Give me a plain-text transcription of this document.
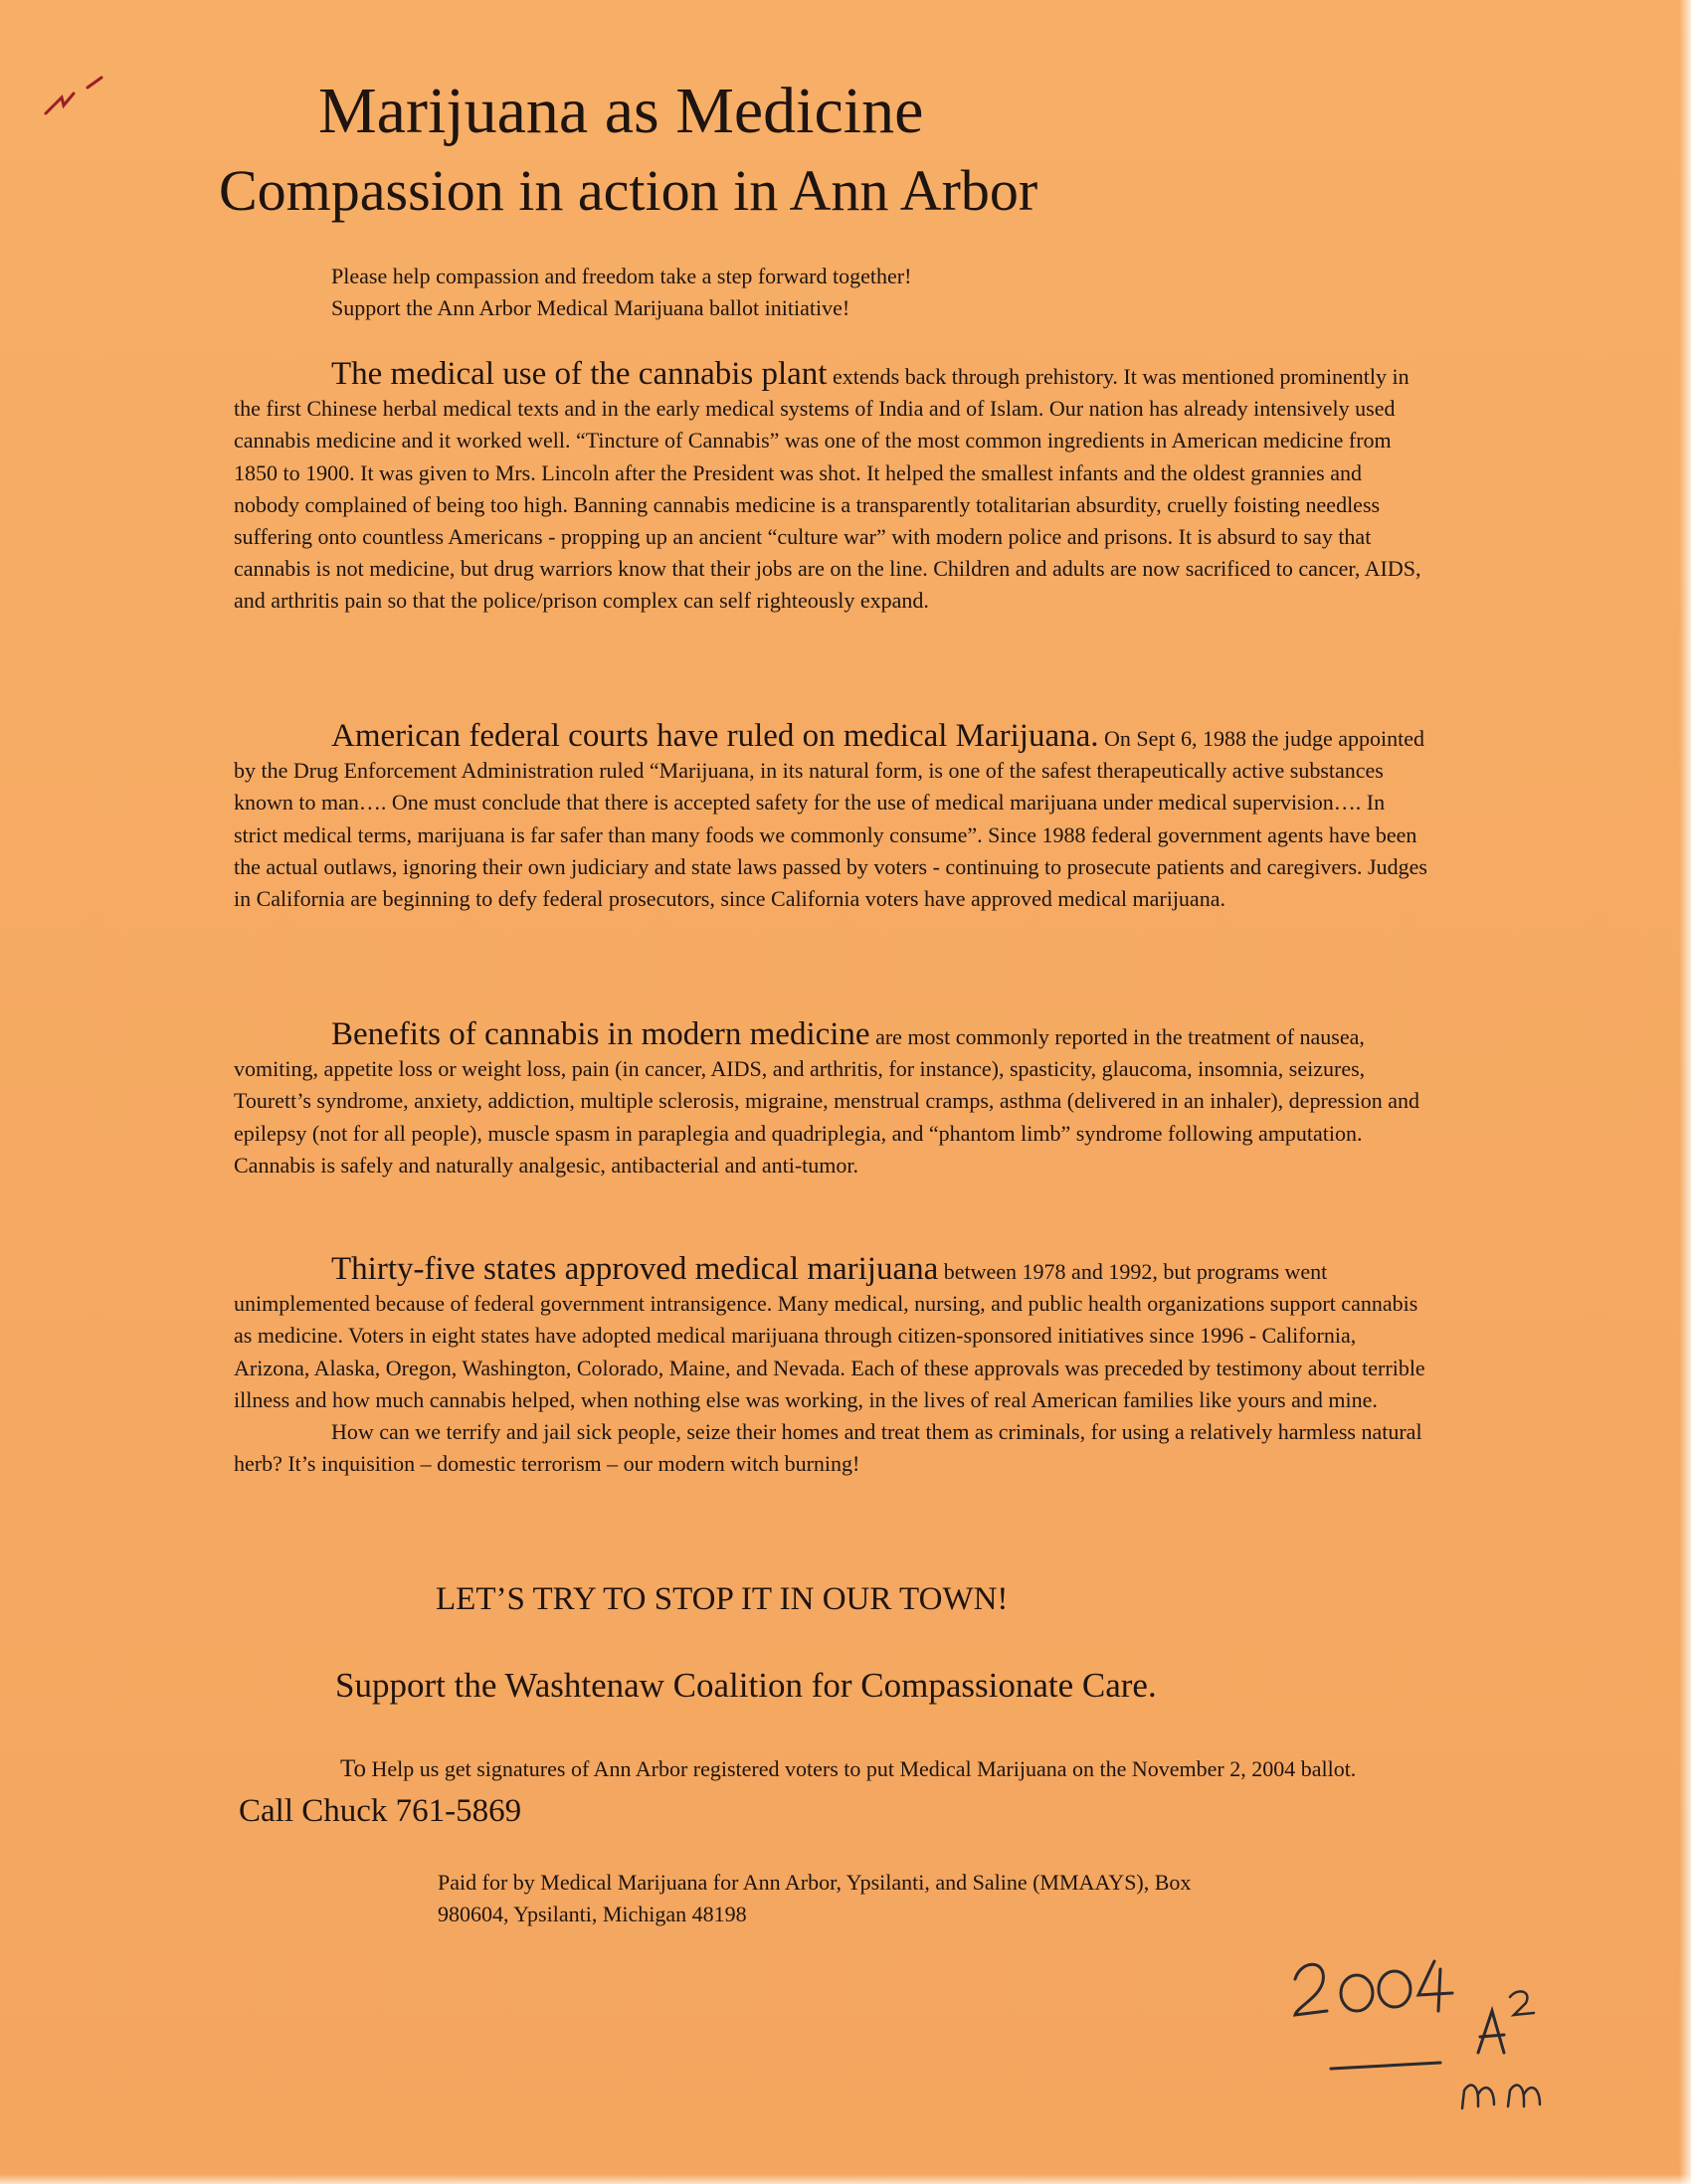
Marijuana as Medicine
Compassion in action in Ann Arbor

Please help compassion and freedom take a step forward together!

Support the Ann Arbor Medical Marijuana ballot initiative!

The medical use of the cannabis plant extends back through prehistory. It was mentioned prominently in the first Chinese herbal medical texts and in the early medical systems of India and of Islam. Our nation has already intensively used cannabis medicine and it worked well. “Tincture of Cannabis” was one of the most common ingredients in American medicine from 1850 to 1900. It was given to Mrs. Lincoln after the President was shot. It helped the smallest infants and the oldest grannies and nobody complained of being too high. Banning cannabis medicine is a transparently totalitarian absurdity, cruelly foisting needless suffering onto countless Americans - propping up an ancient “culture war” with modern police and prisons. It is absurd to say that cannabis is not medicine, but drug warriors know that their jobs are on the line. Children and adults are now sacrificed to cancer, AIDS, and arthritis pain so that the police/prison complex can self righteously expand.

American federal courts have ruled on medical Marijuana. On Sept 6, 1988 the judge appointed by the Drug Enforcement Administration ruled “Marijuana, in its natural form, is one of the safest therapeutically active substances known to man…. One must conclude that there is accepted safety for the use of medical marijuana under medical supervision…. In strict medical terms, marijuana is far safer than many foods we commonly consume”. Since 1988 federal government agents have been the actual outlaws, ignoring their own judiciary and state laws passed by voters - continuing to prosecute patients and caregivers. Judges in California are beginning to defy federal prosecutors, since California voters have approved medical marijuana.

Benefits of cannabis in modern medicine are most commonly reported in the treatment of nausea, vomiting, appetite loss or weight loss, pain (in cancer, AIDS, and arthritis, for instance), spasticity, glaucoma, insomnia, seizures, Tourett’s syndrome, anxiety, addiction, multiple sclerosis, migraine, menstrual cramps, asthma (delivered in an inhaler), depression and epilepsy (not for all people), muscle spasm in paraplegia and quadriplegia, and “phantom limb” syndrome following amputation. Cannabis is safely and naturally analgesic, antibacterial and anti-tumor.

Thirty-five states approved medical marijuana between 1978 and 1992, but programs went unimplemented because of federal government intransigence. Many medical, nursing, and public health organizations support cannabis as medicine. Voters in eight states have adopted medical marijuana through citizen-sponsored initiatives since 1996 - California, Arizona, Alaska, Oregon, Washington, Colorado, Maine, and Nevada. Each of these approvals was preceded by testimony about terrible illness and how much cannabis helped, when nothing else was working, in the lives of real American families like yours and mine.

How can we terrify and jail sick people, seize their homes and treat them as criminals, for using a relatively harmless natural herb? It’s inquisition – domestic terrorism – our modern witch burning!

LET’S TRY TO STOP IT IN OUR TOWN!

Support the Washtenaw Coalition for Compassionate Care.

To Help us get signatures of Ann Arbor registered voters to put Medical Marijuana on the November 2, 2004 ballot. Call Chuck 761-5869

Paid for by Medical Marijuana for Ann Arbor, Ypsilanti, and Saline (MMAAYS), Box

980604, Ypsilanti, Michigan 48198
